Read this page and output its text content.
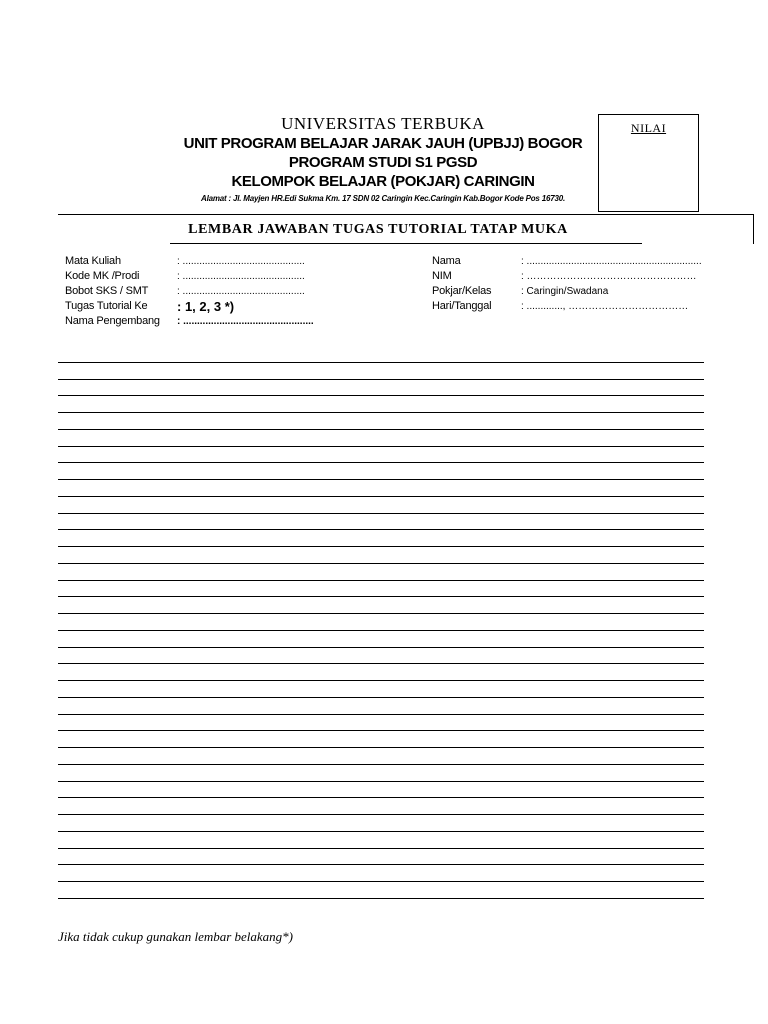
UNIVERSITAS TERBUKA
UNIT PROGRAM BELAJAR JARAK JAUH (UPBJJ) BOGOR
PROGRAM STUDI S1 PGSD
KELOMPOK BELAJAR (POKJAR) CARINGIN
Alamat : Jl. Mayjen HR.Edi Sukma Km. 17 SDN 02 Caringin Kec.Caringin Kab.Bogor Kode Pos 16730.
NILAI
LEMBAR JAWABAN TUGAS TUTORIAL TATAP MUKA
Mata Kuliah	: ............................................
Kode MK /Prodi	: ............................................
Bobot SKS / SMT	: ............................................
Tugas Tutorial Ke	: 1, 2, 3 *)
Nama Pengembang	: ...............................................
Nama	: ...............................................................
NIM	: ……………………………………………
Pokjar/Kelas	: Caringin/Swadana
Hari/Tanggal	: ............., ………………………………
Jika tidak cukup gunakan lembar belakang*)
